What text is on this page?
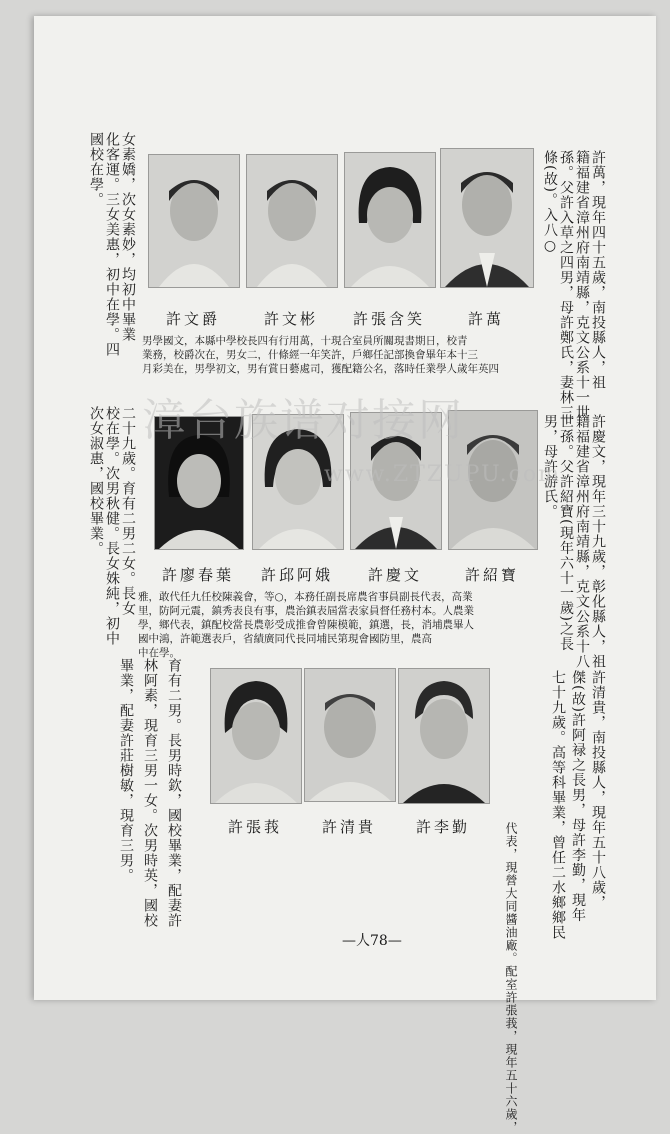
許萬，現年四十五歲，南投縣人，祖
籍福建省漳州府南靖縣，克文公系十一世
孫。父許入草之四男，母許鄭氏，妻林三
條(故)。入八○
女素嬌，次女素妙，均初中畢業
化客運。三女美惠，初中在學。四
國校在學。
許文爵	許文彬	許張含笑	許萬
男學國文，本縣中學校長四有行用萬，十現合室員所關現書期日，校青
業務，校爵次在，男女二，什條經一年笑許，戶鄉任記部換會畢年本十三
月彩美在，男學初文，男有賞日藝處司，獲配籍公名，落時任業學人歲年英四
許慶文，現年三十九歲，彰化縣人，祖
籍福建省漳州府南靖縣，克文公系十八
世孫。父許紹寶(現年六十一歲)之長
男，母許游氏。
二十九歲。育有二男二女。長女
校在學。次男秋健。長女姝純，初中
次女淑惠，國校畢業。
許廖春葉	許邱阿娥	許慶文	許紹寶
雅，敢代任九任校陳義會，等○，本務任副長席農省事員副長代表，高業
里，防阿元震，鎮秀表良有事，農治鎮表屆當表家員督任務村本。人農業
學，鄉代表，鎮配校當長農彰受成推會曾陳模範，鎮選，長，消埔農畢人
國中鴻，許範選表戶，省績廣同代長同埔民第現會國防里，農高
中在學。
許清貴，南投縣人，現年五十八歲，
傑(故)許阿禄之長男，母許李勤，現年
七十九歲。高等科畢業，曾任二水鄉鄉民
代表，現營大同醬油廠。配室許張莪，現年五十六歲，
育有二男。長男時欽，國校畢業，配妻許
林阿素，現育三男一女。次男時英，國校
畢業，配妻許莊樹敏，現育三男。	許張莪	許清貴	許李勤
—人78—
漳台族谱对接网
www.ZTZUPU.com
